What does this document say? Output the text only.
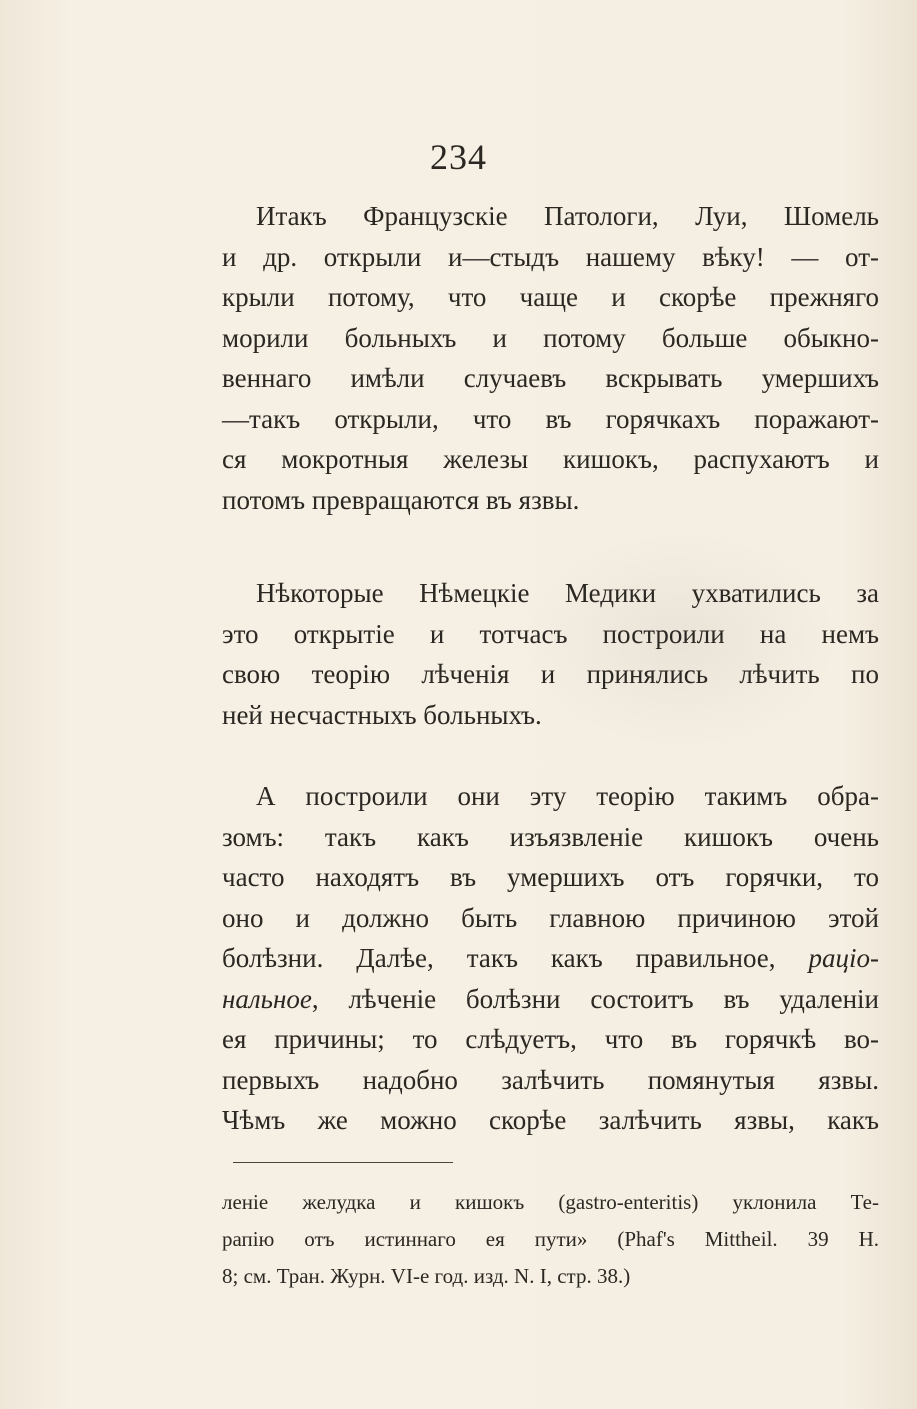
234
Итакъ Французскіе Патологи, Луи, Шомель
и др. открыли и—стыдъ нашему вѣку! — от-
крыли потому, что чаще и скорѣе прежняго
морили больныхъ и потому больше обыкно-
веннаго имѣли случаевъ вскрывать умершихъ
—такъ открыли, что въ горячкахъ поражают-
ся мокротныя железы кишокъ, распухаютъ и
потомъ превращаются въ язвы.
Нѣкоторые Нѣмецкіе Медики ухватились за
это открытіе и тотчасъ построили на немъ
свою теорію лѣченія и принялись лѣчить по
ней несчастныхъ больныхъ.
А построили они эту теорію такимъ обра-
зомъ: такъ какъ изъязвленіе кишокъ очень
часто находятъ въ умершихъ отъ горячки, то
оно и должно быть главною причиною этой
болѣзни. Далѣе, такъ какъ правильное, раціо-
нальное, лѣченіе болѣзни состоитъ въ удаленіи
ея причины; то слѣдуетъ, что въ горячкѣ во-
первыхъ надобно залѣчить помянутыя язвы.
Чѣмъ же можно скорѣе залѣчить язвы, какъ
леніе желудка и кишокъ (gastro-enteritis) уклонила Те-
рапію отъ истиннаго ея пути» (Phaf's Mittheil. 39 H.
8; см. Тран. Журн. VI-е год. изд. N. I, стр. 38.)
